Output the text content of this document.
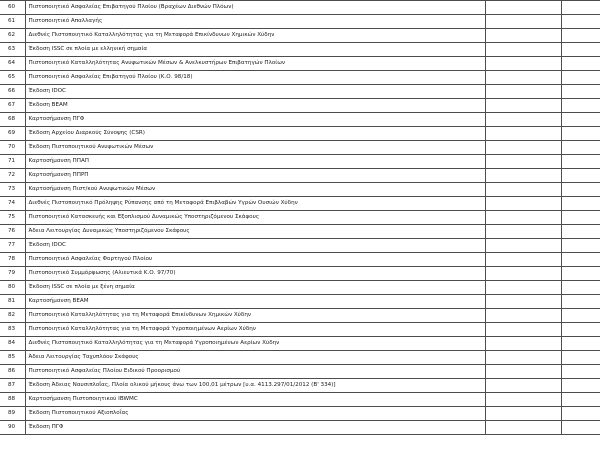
60	Πιστοποιητικό Ασφαλείας Επιβατηγού Πλοίου (Βραχέων Διεθνών Πλόων)		
61	Πιστοποιητικό Απαλλαγής		
62	Διεθνές Πιστοποιητικό Καταλληλότητας για τη Μεταφορά Επικίνδυνων Χημικών Χύδην		
63	Έκδοση ISSC σε πλοία με ελληνική σημαία		
64	Πιστοποιητικό Καταλληλότητας Ανυψωτικών Μέσων & Ανελκυστήρων Επιβατηγών Πλοίων		
65	Πιστοποιητικό Ασφαλείας Επιβατηγού Πλοίου (Κ.Ο. 98/18)		
66	Έκδοση IDOC		
67	Έκδοση BEAM		
68	Καρτοσήμανση ΠΓΦ		
69	Έκδοση Αρχείου Διαρκούς Σύνοψης (CSR)		
70	Έκδοση Πιστοποιητικού Ανυψωτικών Μέσων		
71	Καρτοσήμανση ΠΠΑΠ		
72	Καρτοσήμανση ΠΠΡΠ		
73	Καρτοσήμανση Πιστ/κού Ανυψωτικών Μέσων		
74	Διεθνές Πιστοποιητικό Πρόληψης Ρύπανσης από τη Μεταφορά Επιβλαβών Υγρών Ουσιών Χύδην		
75	Πιστοποιητικό Κατασκευής και Εξοπλισμού Δυναμικώς Υποστηριζόμενου Σκάφους		
76	Άδεια Λειτουργίας Δυναμικώς Υποστηριζόμενου Σκάφους		
77	Έκδοση IDOC		
78	Πιστοποιητικό Ασφαλείας Φορτηγού Πλοίου		
79	Πιστοποιητικό Συμμόρφωσης (Αλιευτικά Κ.Ο. 97/70)		
80	Έκδοση ISSC σε πλοία με ξένη σημαία		
81	Καρτοσήμανση BEAM		
82	Πιστοποιητικό Καταλληλότητας για τη Μεταφορά Επικίνδυνων Χημικών Χύδην		
83	Πιστοποιητικό Καταλληλότητας για τη Μεταφορά Υγροποιημένων Αερίων Χύδην		
84	Διεθνές Πιστοποιητικό Καταλληλότητας για τη Μεταφορά Υγροποιημένων Αερίων Χύδην		
85	Άδεια Λειτουργίας Ταχυπλόου Σκάφους		
86	Πιστοποιητικό Ασφαλείας Πλοίου Ειδικού Προορισμού		
87	Έκδοση Άδειας Ναυσιπλοΐας, Πλοία ολικού μήκους άνω των 100,01 μέτρων [υ.α. 4113.297/01/2012 (Β' 334)]		
88	Καρτοσήμανση Πιστοποιητικού IBWMC		
89	Έκδοση Πιστοποιητικού Αξιοπλοΐας		
90	Έκδοση ΠΓΦ		
